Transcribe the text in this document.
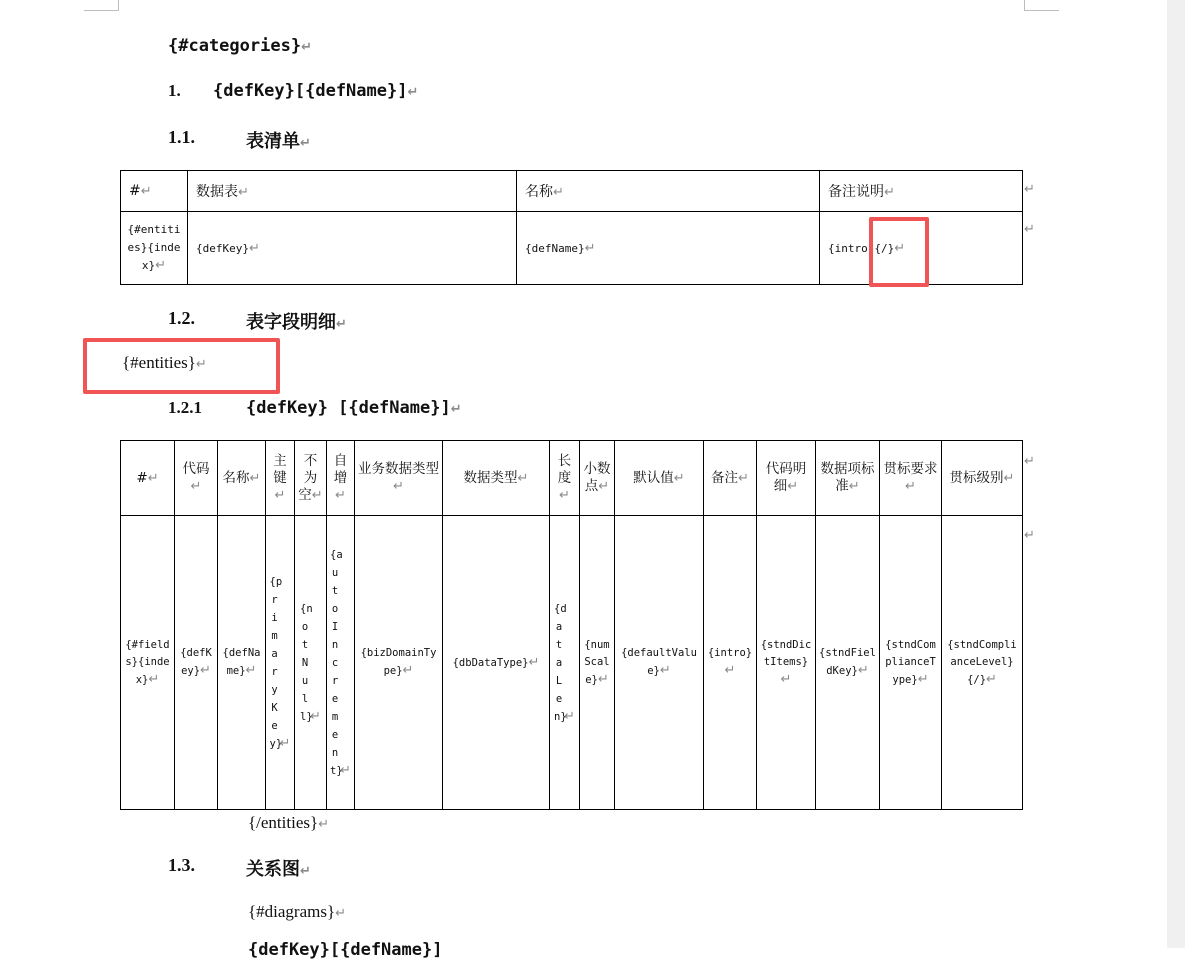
{#categories}↵
1. {defKey}[{defName}]↵
1.1.	表清单↵
#↵	数据表↵	名称↵	备注说明↵
{#entities}{index}↵	{defKey}↵	{defName}↵	{intro}{/}↵
↵
↵
1.2.	表字段明细↵
{#entities}↵
1.2.1	{defKey} [{defName}]↵
#↵	代码↵	名称↵	主键↵	不为空↵	自增↵	业务数据类型↵	数据类型↵	长度↵	小数点↵	默认值↵	备注↵	代码明细↵	数据项标准↵	贯标要求↵	贯标级别↵
{#fields}{index}↵	{defKey}↵	{defName}↵	{primaryKey}↵	{notNull}↵	{autoIncrement}↵	{bizDomainType}↵	{dbDataType}↵	{dataLen}↵	{numScale}↵	{defaultValue}↵	{intro}↵	{stndDictItems}↵	{stndFieldKey}↵	{stndComplianceType}↵	{stndComplianceLevel}{/}↵
↵
↵
{/entities}↵
1.3.	关系图↵
{#diagrams}↵
{defKey}[{defName}]
